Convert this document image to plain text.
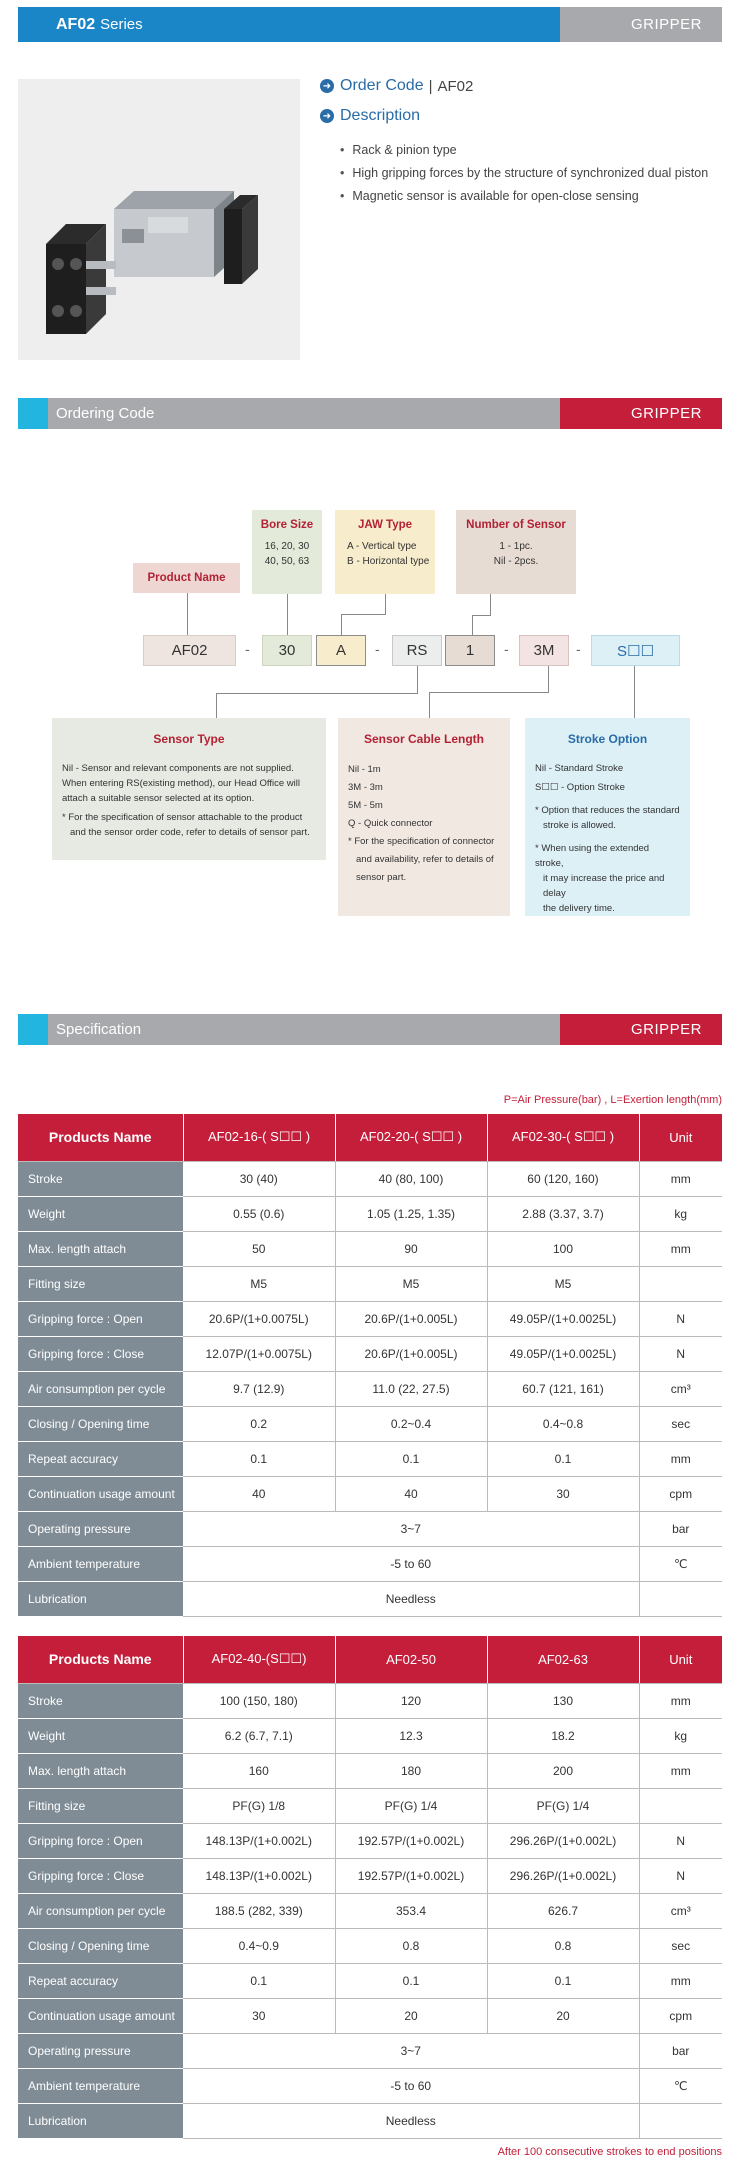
AF02 Series	GRIPPER
➜ Order Code | AF02
➜ Description
• Rack & pinion type
• High gripping forces by the structure of synchronized dual piston
• Magnetic sensor is available for open-close sensing
Ordering Code	GRIPPER
Product Name
Bore Size
16, 20, 30
40, 50, 63
JAW Type
A - Vertical type
B - Horizontal type
Number of Sensor
1 - 1pc.
Nil - 2pcs.
AF02	-	30	A	-	RS	1	-	3M	-	S☐☐
Sensor Type
Nil - Sensor and relevant components are not supplied.
When entering RS(existing method), our Head Office will
attach a suitable sensor selected at its option.
* For the specification of sensor attachable to the product
and the sensor order code, refer to details of sensor part.
Sensor Cable Length
Nil - 1m
3M - 3m
5M - 5m
Q - Quick connector
* For the specification of connector
and availability, refer to details of
sensor part.
Stroke Option
Nil - Standard Stroke
S☐☐ - Option Stroke
* Option that reduces the standard
stroke is allowed.
* When using the extended stroke,
it may increase the price and delay
the delivery time.
Specification	GRIPPER
P=Air Pressure(bar) , L=Exertion length(mm)
Products Name	AF02-16-( S☐☐ )	AF02-20-( S☐☐ )	AF02-30-( S☐☐ )	Unit
Stroke	30 (40)	40 (80, 100)	60 (120, 160)	mm
Weight	0.55 (0.6)	1.05 (1.25, 1.35)	2.88 (3.37, 3.7)	kg
Max. length attach	50	90	100	mm
Fitting size	M5	M5	M5	
Gripping force : Open	20.6P/(1+0.0075L)	20.6P/(1+0.005L)	49.05P/(1+0.0025L)	N
Gripping force : Close	12.07P/(1+0.0075L)	20.6P/(1+0.005L)	49.05P/(1+0.0025L)	N
Air consumption per cycle	9.7 (12.9)	11.0 (22, 27.5)	60.7 (121, 161)	cm³
Closing / Opening time	0.2	0.2~0.4	0.4~0.8	sec
Repeat accuracy	0.1	0.1	0.1	mm
Continuation usage amount	40	40	30	cpm
Operating pressure	3~7			bar
Ambient temperature	-5 to 60			℃
Lubrication	Needless			
Products Name	AF02-40-(S☐☐)	AF02-50	AF02-63	Unit
Stroke	100 (150, 180)	120	130	mm
Weight	6.2 (6.7, 7.1)	12.3	18.2	kg
Max. length attach	160	180	200	mm
Fitting size	PF(G) 1/8	PF(G) 1/4	PF(G) 1/4	
Gripping force : Open	148.13P/(1+0.002L)	192.57P/(1+0.002L)	296.26P/(1+0.002L)	N
Gripping force : Close	148.13P/(1+0.002L)	192.57P/(1+0.002L)	296.26P/(1+0.002L)	N
Air consumption per cycle	188.5 (282, 339)	353.4	626.7	cm³
Closing / Opening time	0.4~0.9	0.8	0.8	sec
Repeat accuracy	0.1	0.1	0.1	mm
Continuation usage amount	30	20	20	cpm
Operating pressure	3~7			bar
Ambient temperature	-5 to 60			℃
Lubrication	Needless			
After 100 consecutive strokes to end positions
